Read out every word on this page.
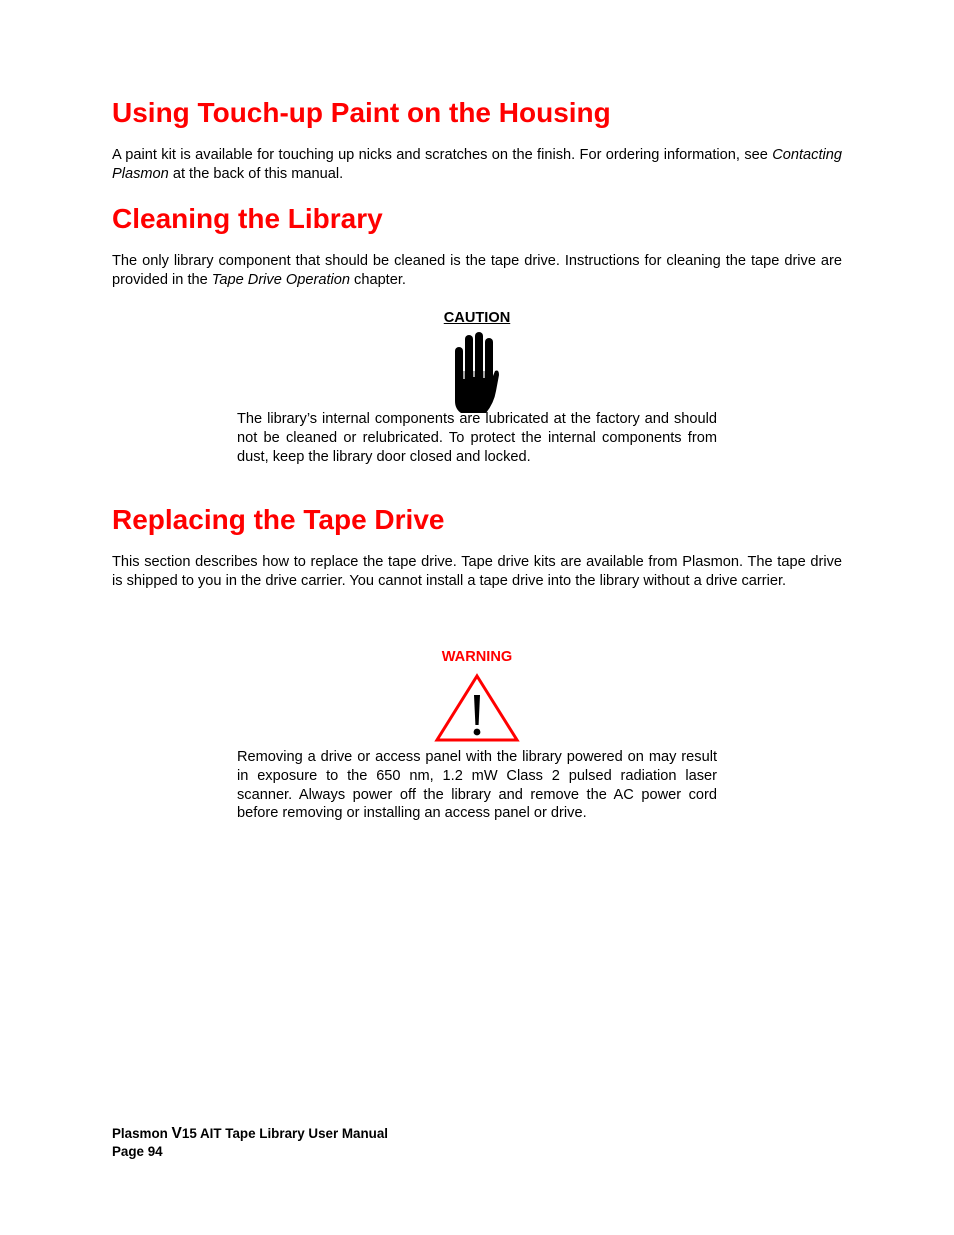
Using Touch-up Paint on the Housing

A paint kit is available for touching up nicks and scratches on the finish. For ordering information, see Contacting Plasmon at the back of this manual.

Cleaning the Library

The only library component that should be cleaned is the tape drive. Instructions for cleaning the tape drive are provided in the Tape Drive Operation chapter.

CAUTION

The library’s internal components are lubricated at the factory and should not be cleaned or relubricated. To protect the internal components from dust, keep the library door closed and locked.

Replacing the Tape Drive

This section describes how to replace the tape drive. Tape drive kits are available from Plasmon. The tape drive is shipped to you in the drive carrier. You cannot install a tape drive into the library without a drive carrier.

WARNING

Removing a drive or access panel with the library powered on may result in exposure to the 650 nm, 1.2 mW Class 2 pulsed radiation laser scanner. Always power off the library and remove the AC power cord before removing or installing an access panel or drive.

Plasmon V15 AIT Tape Library User Manual
Page 94
